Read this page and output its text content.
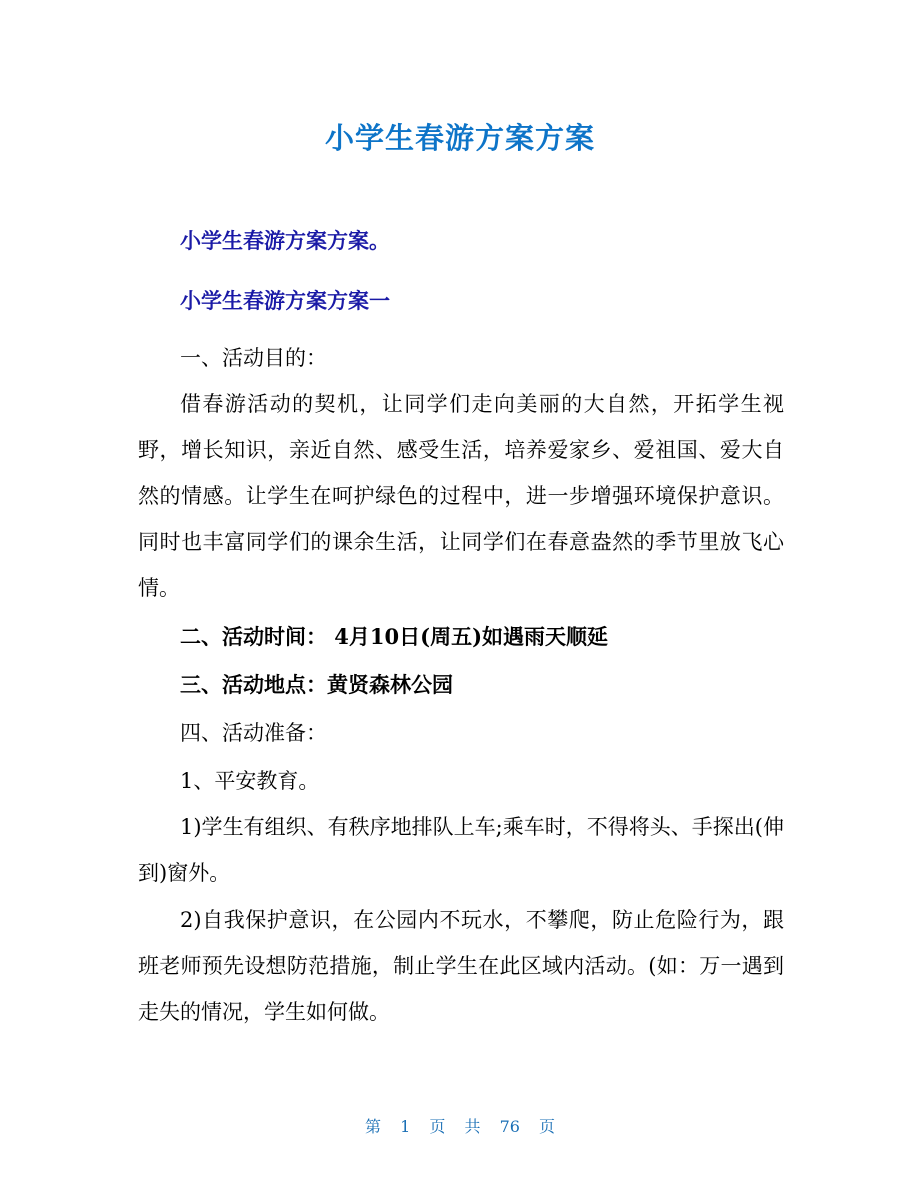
小学生春游方案方案
小学生春游方案方案。
小学生春游方案方案一

一、活动目的：

借春游活动的契机，让同学们走向美丽的大自然，开拓学生视野，增长知识，亲近自然、感受生活，培养爱家乡、爱祖国、爱大自然的情感。让学生在呵护绿色的过程中，进一步增强环境保护意识。同时也丰富同学们的课余生活，让同学们在春意盎然的季节里放飞心情。

二、活动时间： 4月10日(周五)如遇雨天顺延

三、活动地点：黄贤森林公园

四、活动准备：

1、平安教育。

1)学生有组织、有秩序地排队上车;乘车时，不得将头、手探出(伸到)窗外。

2)自我保护意识，在公园内不玩水，不攀爬，防止危险行为，跟班老师预先设想防范措施，制止学生在此区域内活动。(如：万一遇到走失的情况，学生如何做。

第 1 页 共 76 页
